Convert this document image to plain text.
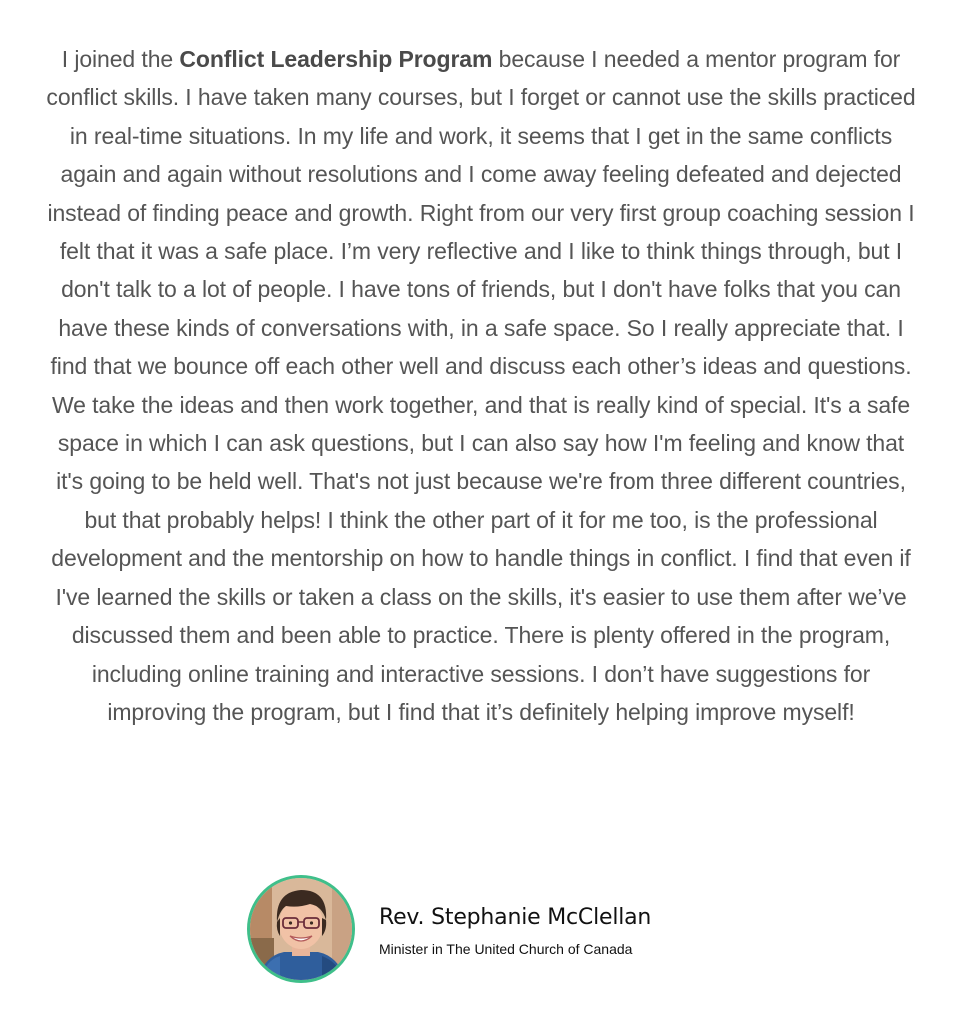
I joined the Conflict Leadership Program because I needed a mentor program for conflict skills. I have taken many courses, but I forget or cannot use the skills practiced in real-time situations. In my life and work, it seems that I get in the same conflicts again and again without resolutions and I come away feeling defeated and dejected instead of finding peace and growth. Right from our very first group coaching session I felt that it was a safe place. I’m very reflective and I like to think things through, but I don't talk to a lot of people. I have tons of friends, but I don't have folks that you can have these kinds of conversations with, in a safe space. So I really appreciate that. I find that we bounce off each other well and discuss each other’s ideas and questions. We take the ideas and then work together, and that is really kind of special. It's a safe space in which I can ask questions, but I can also say how I'm feeling and know that it's going to be held well. That's not just because we're from three different countries, but that probably helps! I think the other part of it for me too, is the professional development and the mentorship on how to handle things in conflict. I find that even if I've learned the skills or taken a class on the skills, it's easier to use them after we’ve discussed them and been able to practice. There is plenty offered in the program, including online training and interactive sessions. I don’t have suggestions for improving the program, but I find that it’s definitely helping improve myself!
Rev. Stephanie McClellan
Minister in The United Church of Canada
